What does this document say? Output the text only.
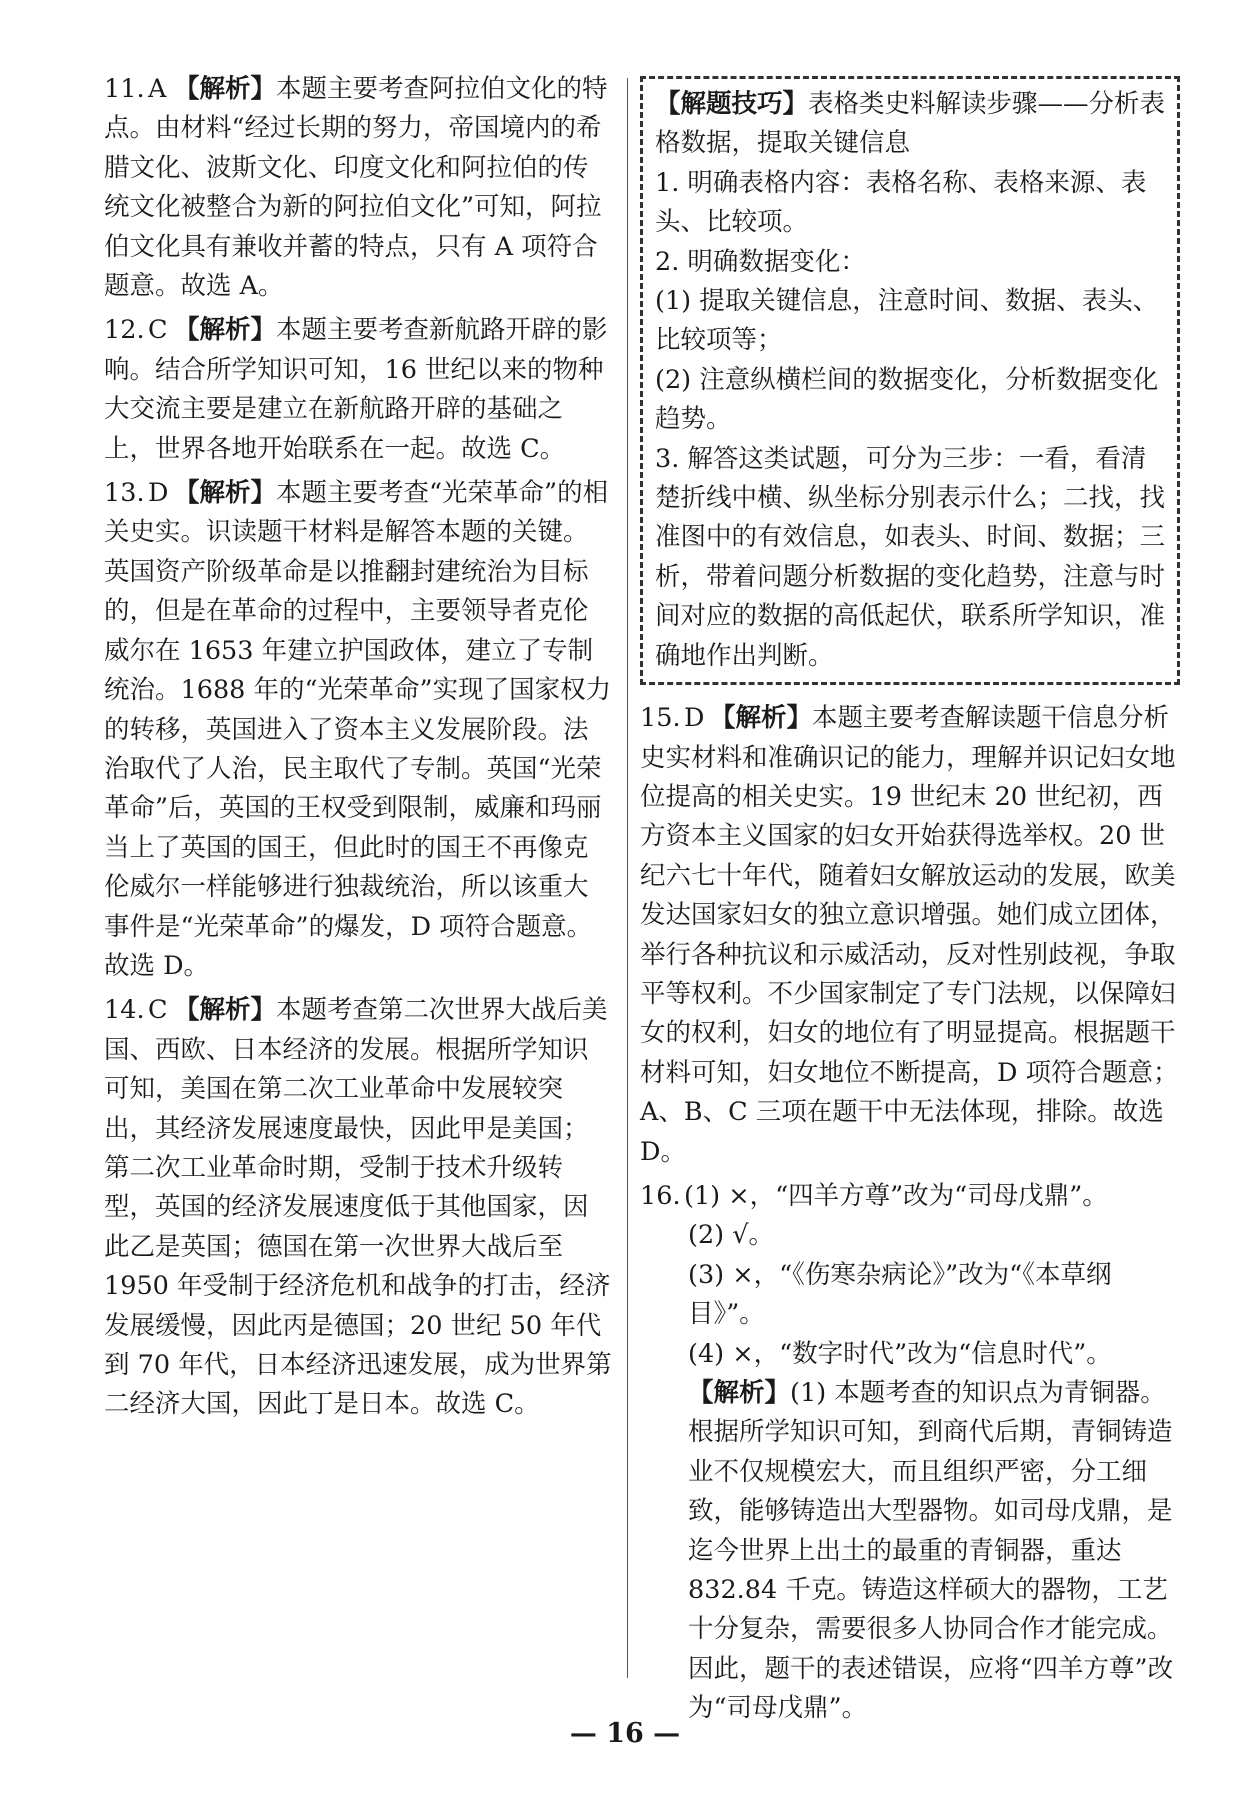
11. A 【解析】本题主要考查阿拉伯文化的特点。由材料“经过长期的努力，帝国境内的希腊文化、波斯文化、印度文化和阿拉伯的传统文化被整合为新的阿拉伯文化”可知，阿拉伯文化具有兼收并蓄的特点，只有 A 项符合题意。故选 A。
12. C 【解析】本题主要考查新航路开辟的影响。结合所学知识可知，16 世纪以来的物种大交流主要是建立在新航路开辟的基础之上，世界各地开始联系在一起。故选 C。
13. D 【解析】本题主要考查“光荣革命”的相关史实。识读题干材料是解答本题的关键。英国资产阶级革命是以推翻封建统治为目标的，但是在革命的过程中，主要领导者克伦威尔在 1653 年建立护国政体，建立了专制统治。1688 年的“光荣革命”实现了国家权力的转移，英国进入了资本主义发展阶段。法治取代了人治，民主取代了专制。英国“光荣革命”后，英国的王权受到限制，威廉和玛丽当上了英国的国王，但此时的国王不再像克伦威尔一样能够进行独裁统治，所以该重大事件是“光荣革命”的爆发，D 项符合题意。故选 D。
14. C 【解析】本题考查第二次世界大战后美国、西欧、日本经济的发展。根据所学知识可知，美国在第二次工业革命中发展较突出，其经济发展速度最快，因此甲是美国；第二次工业革命时期，受制于技术升级转型，英国的经济发展速度低于其他国家，因此乙是英国；德国在第一次世界大战后至 1950 年受制于经济危机和战争的打击，经济发展缓慢，因此丙是德国；20 世纪 50 年代到 70 年代，日本经济迅速发展，成为世界第二经济大国，因此丁是日本。故选 C。
【解题技巧】表格类史料解读步骤——分析表格数据，提取关键信息
1. 明确表格内容：表格名称、表格来源、表头、比较项。
2. 明确数据变化：
(1) 提取关键信息，注意时间、数据、表头、比较项等；
(2) 注意纵横栏间的数据变化，分析数据变化趋势。
3. 解答这类试题，可分为三步：一看，看清楚折线中横、纵坐标分别表示什么；二找，找准图中的有效信息，如表头、时间、数据；三析，带着问题分析数据的变化趋势，注意与时间对应的数据的高低起伏，联系所学知识，准确地作出判断。
15. D 【解析】本题主要考查解读题干信息分析史实材料和准确识记的能力，理解并识记妇女地位提高的相关史实。19 世纪末 20 世纪初，西方资本主义国家的妇女开始获得选举权。20 世纪六七十年代，随着妇女解放运动的发展，欧美发达国家妇女的独立意识增强。她们成立团体，举行各种抗议和示威活动，反对性别歧视，争取平等权利。不少国家制定了专门法规，以保障妇女的权利，妇女的地位有了明显提高。根据题干材料可知，妇女地位不断提高，D 项符合题意；A、B、C 三项在题干中无法体现，排除。故选 D。
16. (1) ×，“四羊方尊”改为“司母戊鼎”。
(2) √。
(3) ×，“《伤寒杂病论》”改为“《本草纲目》”。
(4) ×，“数字时代”改为“信息时代”。
【解析】(1) 本题考查的知识点为青铜器。根据所学知识可知，到商代后期，青铜铸造业不仅规模宏大，而且组织严密，分工细致，能够铸造出大型器物。如司母戊鼎，是迄今世界上出土的最重的青铜器，重达 832.84 千克。铸造这样硕大的器物，工艺十分复杂，需要很多人协同合作才能完成。因此，题干的表述错误，应将“四羊方尊”改为“司母戊鼎”。
— 16 —
